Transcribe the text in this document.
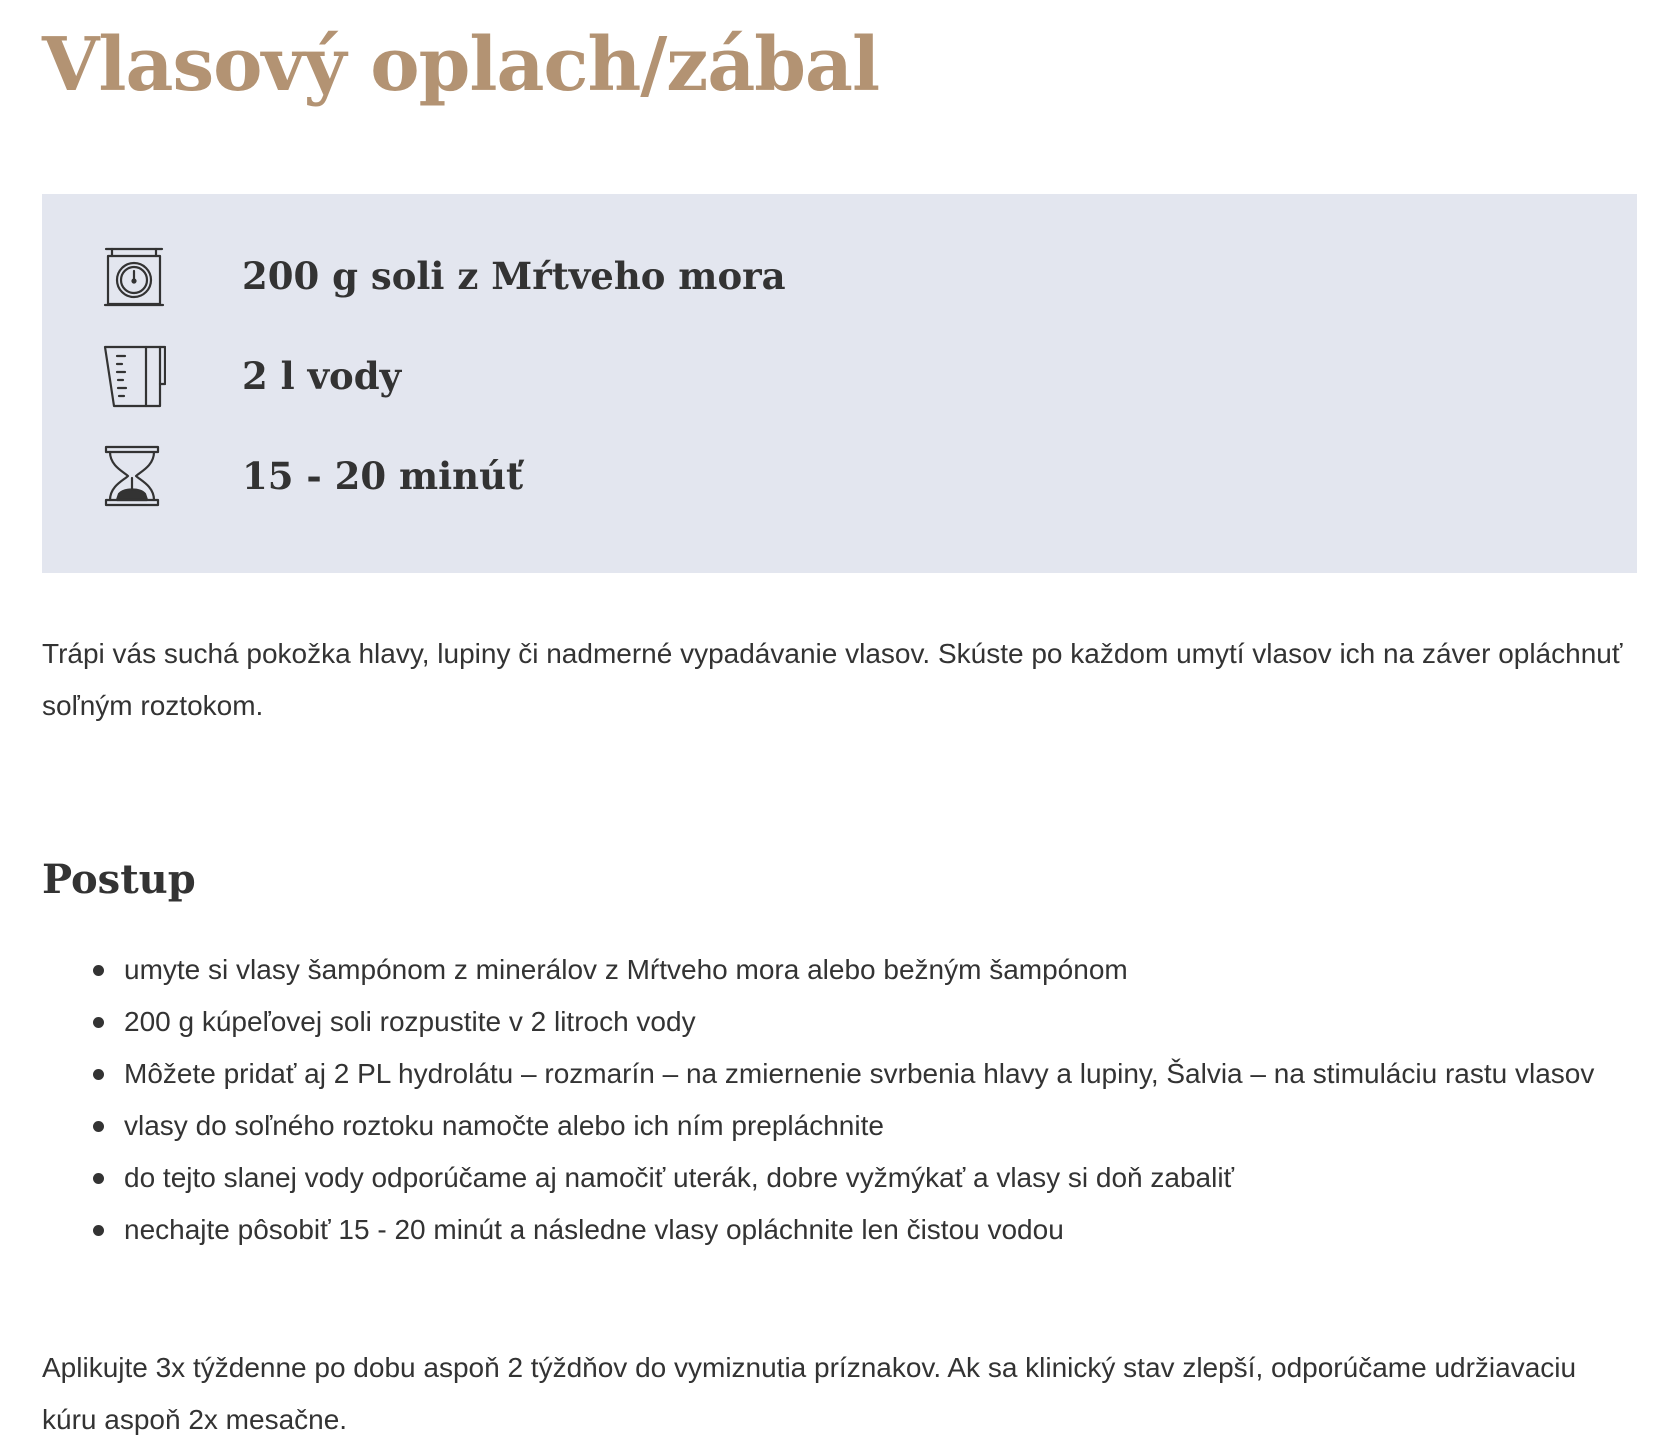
Vlasový oplach/zábal
200 g soli z Mŕtveho mora
2 l vody
15 - 20 minúť

Trápi vás suchá pokožka hlavy, lupiny či nadmerné vypadávanie vlasov. Skúste po každom umytí vlasov ich na záver opláchnuť soľným roztokom.

Postup
umyte si vlasy šampónom z minerálov z Mŕtveho mora alebo bežným šampónom
200 g kúpeľovej soli rozpustite v 2 litroch vody
Môžete pridať aj 2 PL hydrolátu – rozmarín – na zmiernenie svrbenia hlavy a lupiny, Šalvia – na stimuláciu rastu vlasov
vlasy do soľného roztoku namočte alebo ich ním prepláchnite
do tejto slanej vody odporúčame aj namočiť uterák, dobre vyžmýkať a vlasy si doň zabaliť
nechajte pôsobiť 15 - 20 minút a následne vlasy opláchnite len čistou vodou

Aplikujte 3x týždenne po dobu aspoň 2 týždňov do vymiznutia príznakov. Ak sa klinický stav zlepší, odporúčame udržiavaciu kúru aspoň 2x mesačne.
